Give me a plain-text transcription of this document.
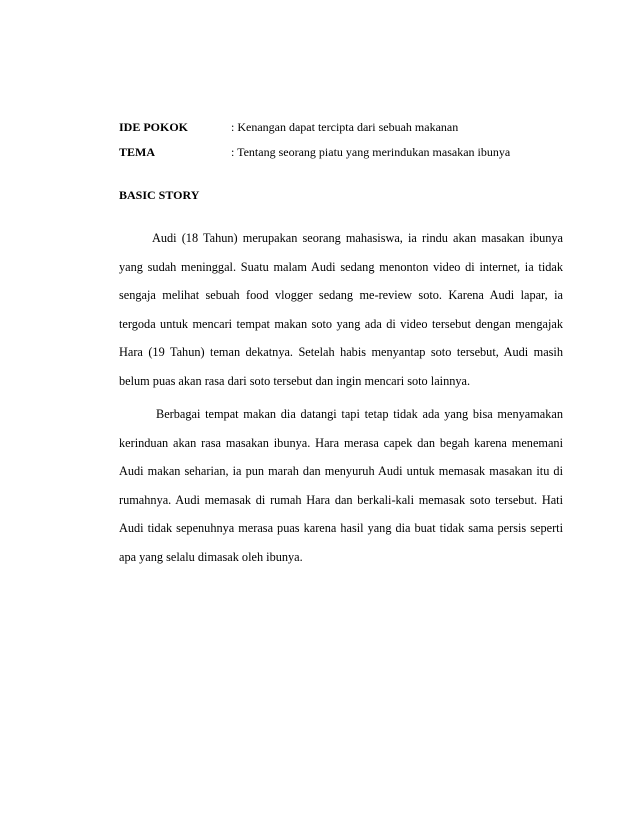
IDE POKOK	: Kenangan dapat tercipta dari sebuah makanan
TEMA	: Tentang seorang piatu yang merindukan masakan ibunya
BASIC STORY

Audi (18 Tahun) merupakan seorang mahasiswa, ia rindu akan masakan ibunya yang sudah meninggal. Suatu malam Audi sedang menonton video di internet, ia tidak sengaja melihat sebuah food vlogger sedang me-review soto. Karena Audi lapar, ia tergoda untuk mencari tempat makan soto yang ada di video tersebut dengan mengajak Hara (19 Tahun) teman dekatnya. Setelah habis menyantap soto tersebut, Audi masih belum puas akan rasa dari soto tersebut dan ingin mencari soto lainnya.

Berbagai tempat makan dia datangi tapi tetap tidak ada yang bisa menyamakan kerinduan akan rasa masakan ibunya. Hara merasa capek dan begah karena menemani Audi makan seharian, ia pun marah dan menyuruh Audi untuk memasak masakan itu di rumahnya. Audi memasak di rumah Hara dan berkali-kali memasak soto tersebut. Hati Audi tidak sepenuhnya merasa puas karena hasil yang dia buat tidak sama persis seperti apa yang selalu dimasak oleh ibunya.
